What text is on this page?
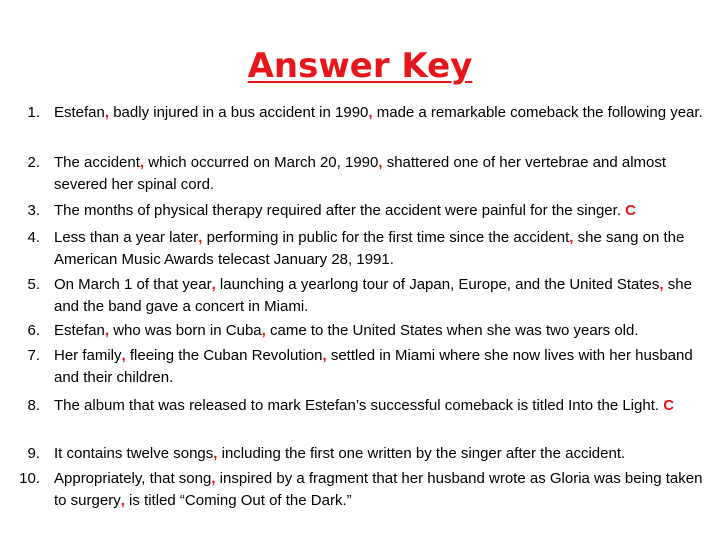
Answer Key
1. Estefan, badly injured in a bus accident in 1990, made a remarkable comeback the following year.
2. The accident, which occurred on March 20, 1990, shattered one of her vertebrae and almost severed her spinal cord.
3. The months of physical therapy required after the accident were painful for the singer. C
4. Less than a year later, performing in public for the first time since the accident, she sang on the American Music Awards telecast January 28, 1991.
5. On March 1 of that year, launching a yearlong tour of Japan, Europe, and the United States, she and the band gave a concert in Miami.
6. Estefan, who was born in Cuba, came to the United States when she was two years old.
7. Her family, fleeing the Cuban Revolution, settled in Miami where she now lives with her husband and their children.
8. The album that was released to mark Estefan’s successful comeback is titled Into the Light. C
9. It contains twelve songs, including the first one written by the singer after the accident.
10. Appropriately, that song, inspired by a fragment that her husband wrote as Gloria was being taken to surgery, is titled “Coming Out of the Dark.”
